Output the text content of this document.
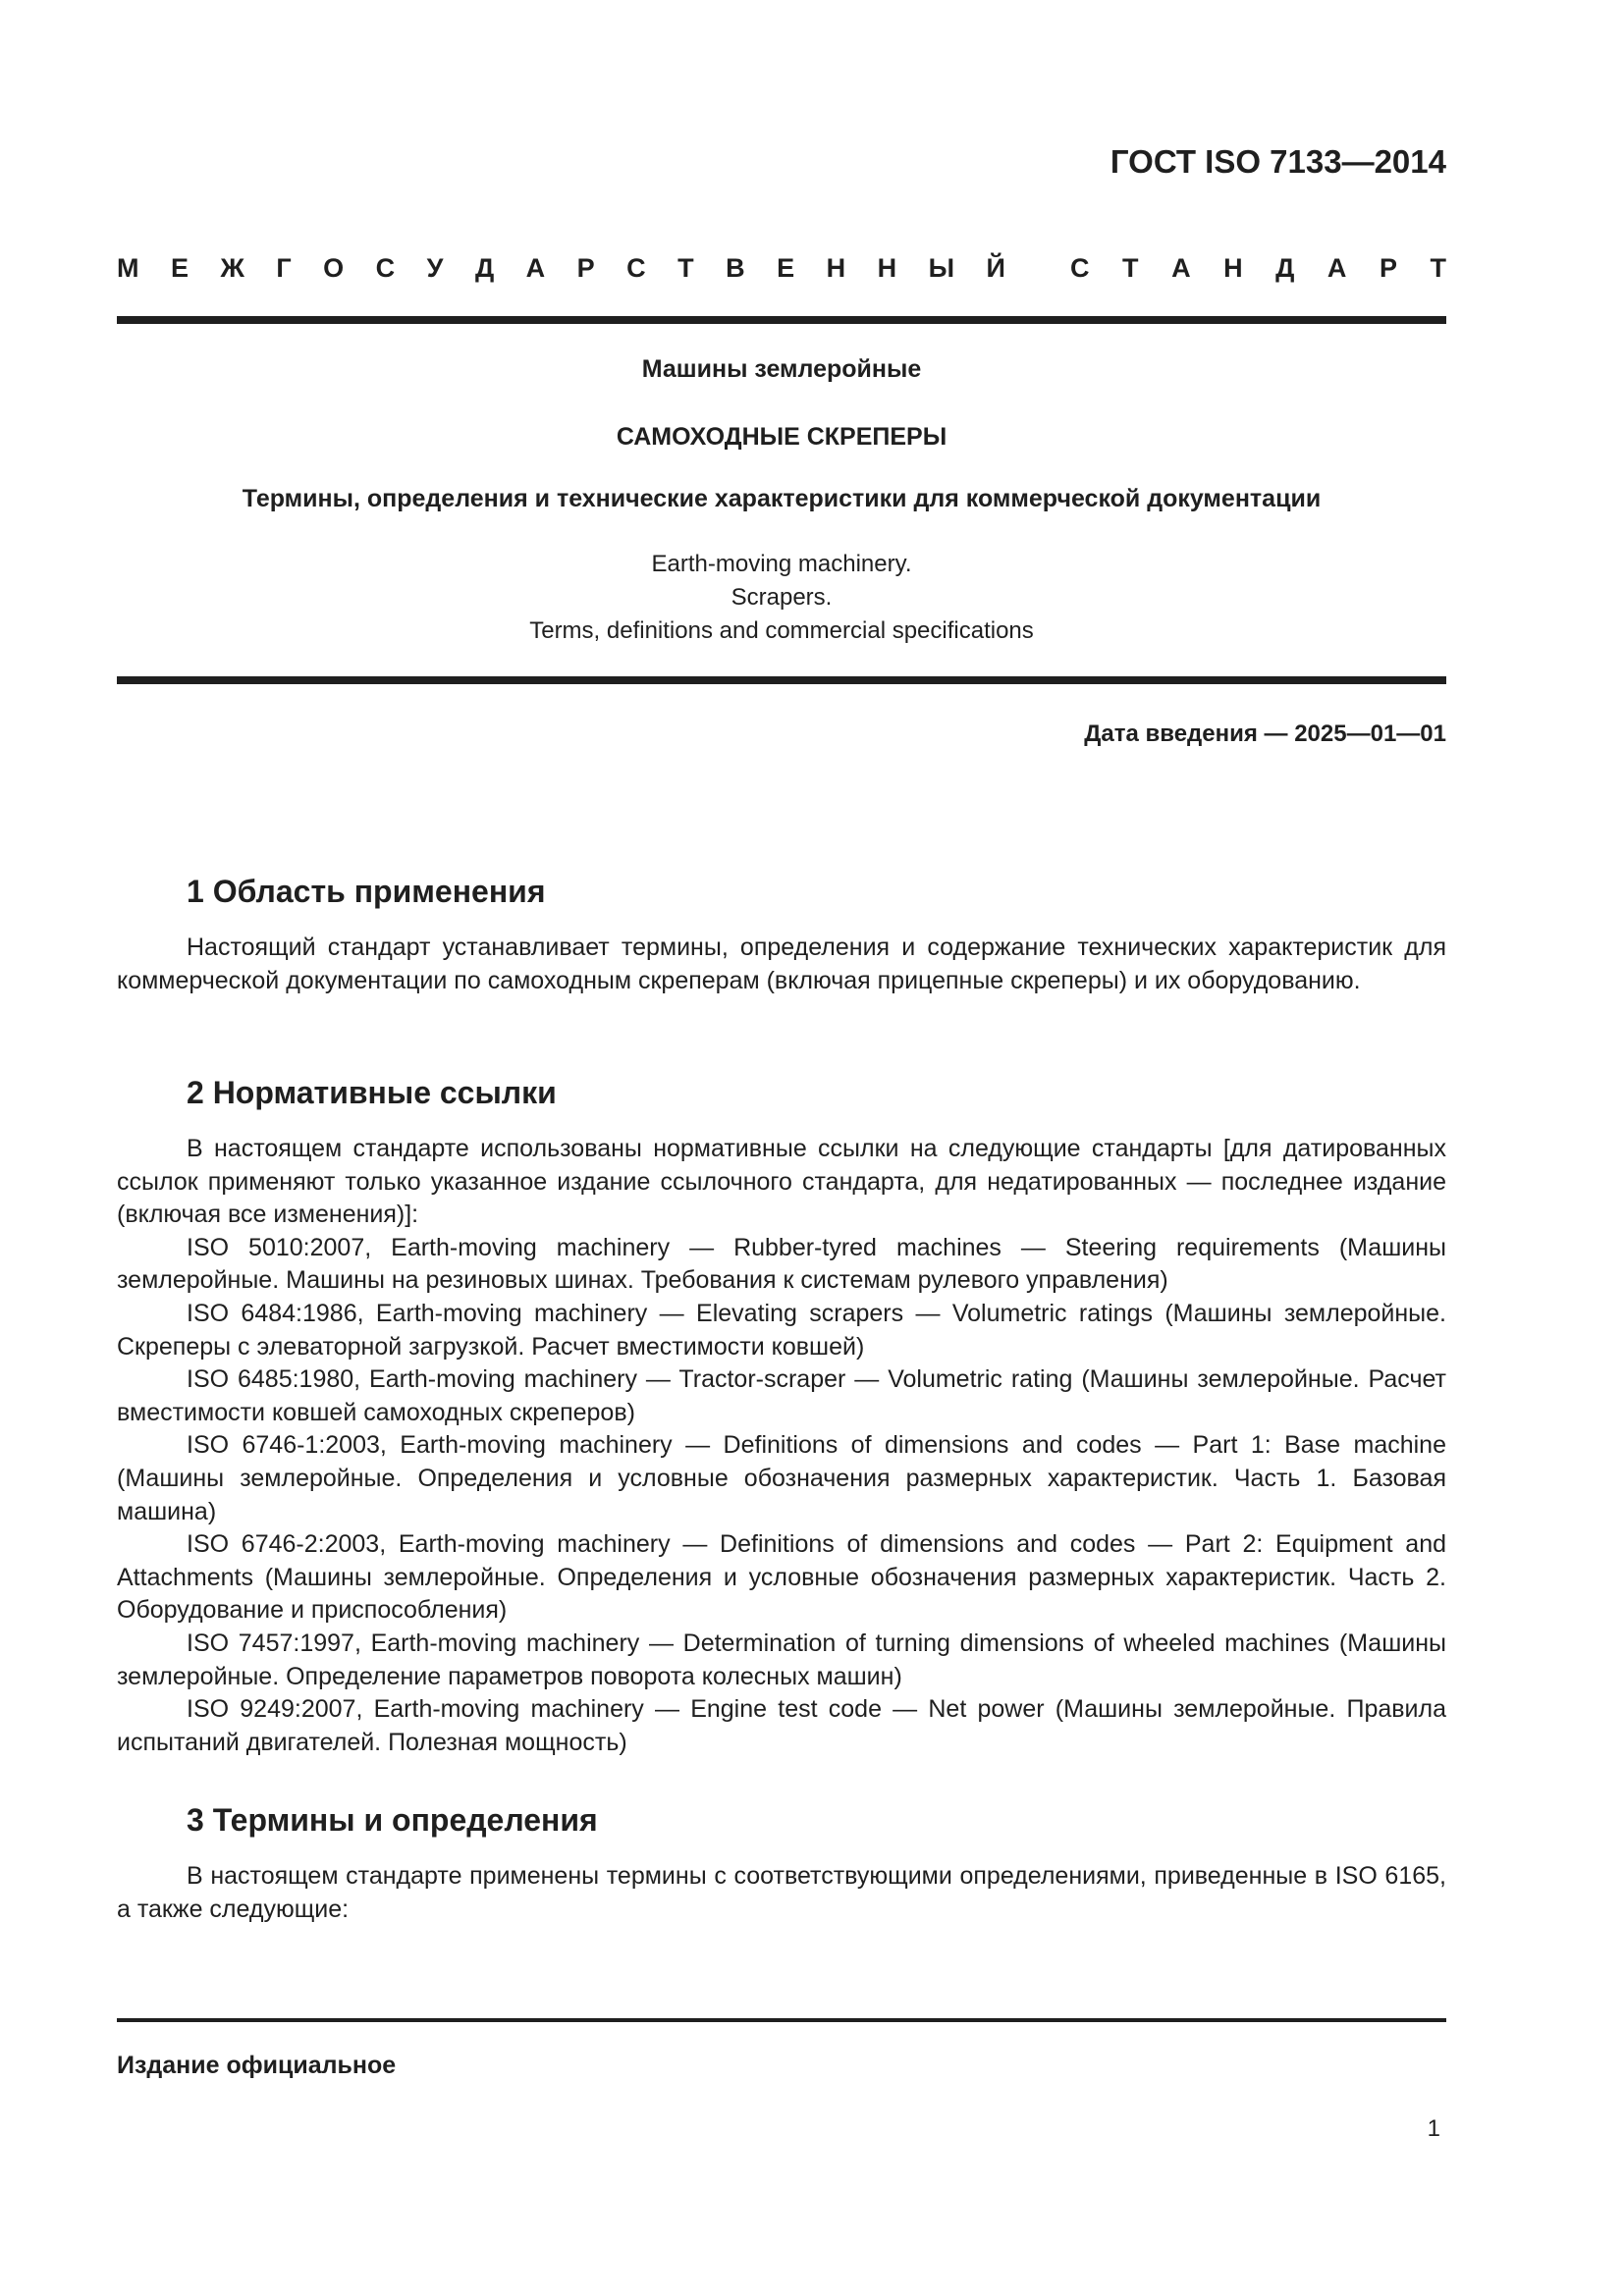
ГОСТ ISO 7133—2014
М Е Ж Г О С У Д А Р С Т В Е Н Н Ы Й С Т А Н Д А Р Т
Машины землеройные
САМОХОДНЫЕ СКРЕПЕРЫ
Термины, определения и технические характеристики для коммерческой документации
Earth-moving machinery.
Scrapers.
Terms, definitions and commercial specifications
Дата введения — 2025—01—01
1 Область применения

Настоящий стандарт устанавливает термины, определения и содержание технических характеристик для коммерческой документации по самоходным скреперам (включая прицепные скреперы) и их оборудованию.

2 Нормативные ссылки

В настоящем стандарте использованы нормативные ссылки на следующие стандарты [для датированных ссылок применяют только указанное издание ссылочного стандарта, для недатированных — последнее издание (включая все изменения)]:

ISO 5010:2007, Earth-moving machinery — Rubber-tyred machines — Steering requirements (Машины землеройные. Машины на резиновых шинах. Требования к системам рулевого управления)

ISO 6484:1986, Earth-moving machinery — Elevating scrapers — Volumetric ratings (Машины землеройные. Скреперы с элеваторной загрузкой. Расчет вместимости ковшей)

ISO 6485:1980, Earth-moving machinery — Tractor-scraper — Volumetric rating (Машины землеройные. Расчет вместимости ковшей самоходных скреперов)

ISO 6746-1:2003, Earth-moving machinery — Definitions of dimensions and codes — Part 1: Base machine (Машины землеройные. Определения и условные обозначения размерных характеристик. Часть 1. Базовая машина)

ISO 6746-2:2003, Earth-moving machinery — Definitions of dimensions and codes — Part 2: Equipment and Attachments (Машины землеройные. Определения и условные обозначения размерных характеристик. Часть 2. Оборудование и приспособления)

ISO 7457:1997, Earth-moving machinery — Determination of turning dimensions of wheeled machines (Машины землеройные. Определение параметров поворота колесных машин)

ISO 9249:2007, Earth-moving machinery — Engine test code — Net power (Машины землеройные. Правила испытаний двигателей. Полезная мощность)

3 Термины и определения

В настоящем стандарте применены термины с соответствующими определениями, приведенные в ISO 6165, а также следующие:

Издание официальное
1
